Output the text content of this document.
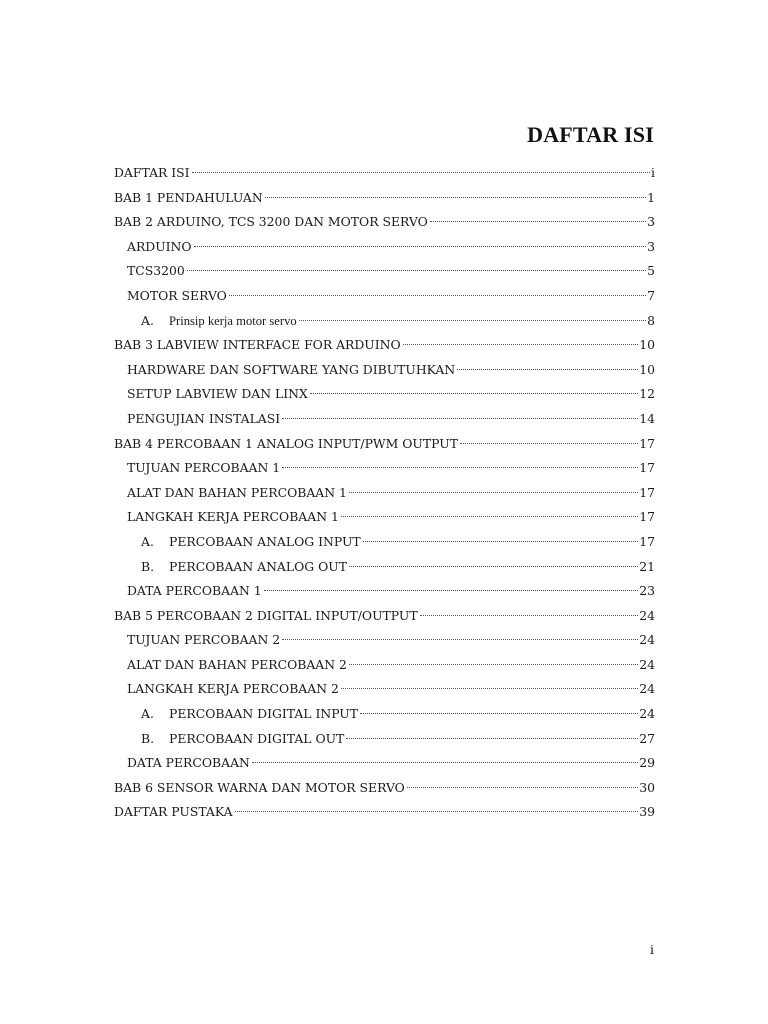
DAFTAR ISI
DAFTAR ISI	i
BAB 1 PENDAHULUAN	1
BAB 2 ARDUINO, TCS 3200 DAN MOTOR SERVO	3
ARDUINO	3
TCS3200	5
MOTOR SERVO	7
A.	Prinsip kerja motor servo	8
BAB 3 LABVIEW INTERFACE FOR ARDUINO	10
HARDWARE DAN SOFTWARE YANG DIBUTUHKAN	10
SETUP LABVIEW DAN LINX	12
PENGUJIAN INSTALASI	14
BAB 4 PERCOBAAN 1 ANALOG INPUT/PWM OUTPUT	17
TUJUAN PERCOBAAN 1	17
ALAT DAN BAHAN PERCOBAAN 1	17
LANGKAH KERJA PERCOBAAN 1	17
A.	PERCOBAAN ANALOG INPUT	17
B.	PERCOBAAN ANALOG OUT	21
DATA PERCOBAAN 1	23
BAB 5 PERCOBAAN 2 DIGITAL INPUT/OUTPUT	24
TUJUAN PERCOBAAN 2	24
ALAT DAN BAHAN PERCOBAAN 2	24
LANGKAH KERJA PERCOBAAN 2	24
A.	PERCOBAAN DIGITAL INPUT	24
B.	PERCOBAAN DIGITAL OUT	27
DATA PERCOBAAN	29
BAB 6 SENSOR WARNA DAN MOTOR SERVO	30
DAFTAR PUSTAKA	39
i
